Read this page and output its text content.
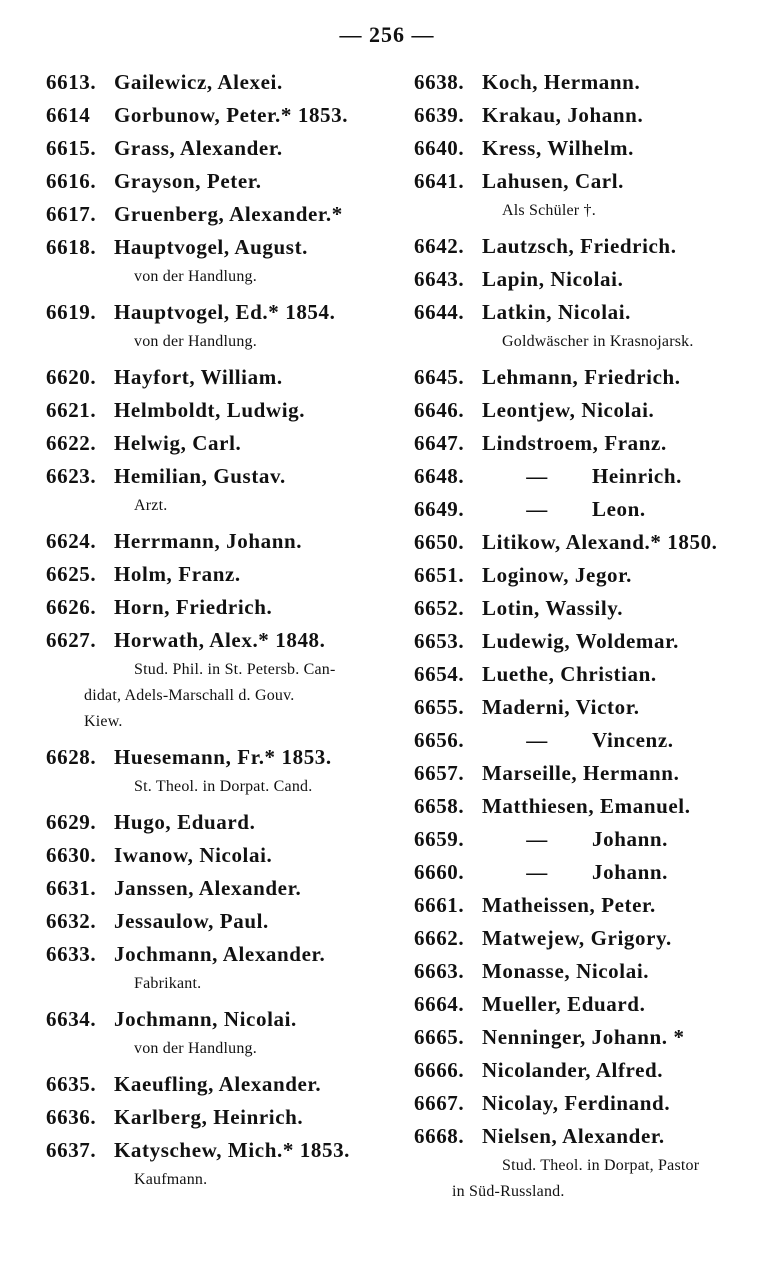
— 256 —
6613. Gailewicz, Alexei.
6614 Gorbunow, Peter.* 1853.
6615. Grass, Alexander.
6616. Grayson, Peter.
6617. Gruenberg, Alexander.*
6618. Hauptvogel, August.
von der Handlung.
6619. Hauptvogel, Ed.* 1854.
von der Handlung.
6620. Hayfort, William.
6621. Helmboldt, Ludwig.
6622. Helwig, Carl.
6623. Hemilian, Gustav.
Arzt.
6624. Herrmann, Johann.
6625. Holm, Franz.
6626. Horn, Friedrich.
6627. Horwath, Alex.* 1848.
Stud. Phil. in St. Petersb. Can-
didat, Adels-Marschall d. Gouv.
Kiew.
6628. Huesemann, Fr.* 1853.
St. Theol. in Dorpat. Cand.
6629. Hugo, Eduard.
6630. Iwanow, Nicolai.
6631. Janssen, Alexander.
6632. Jessaulow, Paul.
6633. Jochmann, Alexander.
Fabrikant.
6634. Jochmann, Nicolai.
von der Handlung.
6635. Kaeufling, Alexander.
6636. Karlberg, Heinrich.
6637. Katyschew, Mich.* 1853.
Kaufmann.
6638. Koch, Hermann.
6639. Krakau, Johann.
6640. Kress, Wilhelm.
6641. Lahusen, Carl.
Als Schüler †.
6642. Lautzsch, Friedrich.
6643. Lapin, Nicolai.
6644. Latkin, Nicolai.
Goldwäscher in Krasnojarsk.
6645. Lehmann, Friedrich.
6646. Leontjew, Nicolai.
6647. Lindstroem, Franz.
6648.	— Heinrich.
6649.	— Leon.
6650. Litikow, Alexand.* 1850.
6651. Loginow, Jegor.
6652. Lotin, Wassily.
6653. Ludewig, Woldemar.
6654. Luethe, Christian.
6655. Maderni, Victor.
6656.	— Vincenz.
6657. Marseille, Hermann.
6658. Matthiesen, Emanuel.
6659.	— Johann.
6660.	— Johann.
6661. Matheissen, Peter.
6662. Matwejew, Grigory.
6663. Monasse, Nicolai.
6664. Mueller, Eduard.
6665. Nenninger, Johann. *
6666. Nicolander, Alfred.
6667. Nicolay, Ferdinand.
6668. Nielsen, Alexander.
Stud. Theol. in Dorpat, Pastor
in Süd-Russland.
